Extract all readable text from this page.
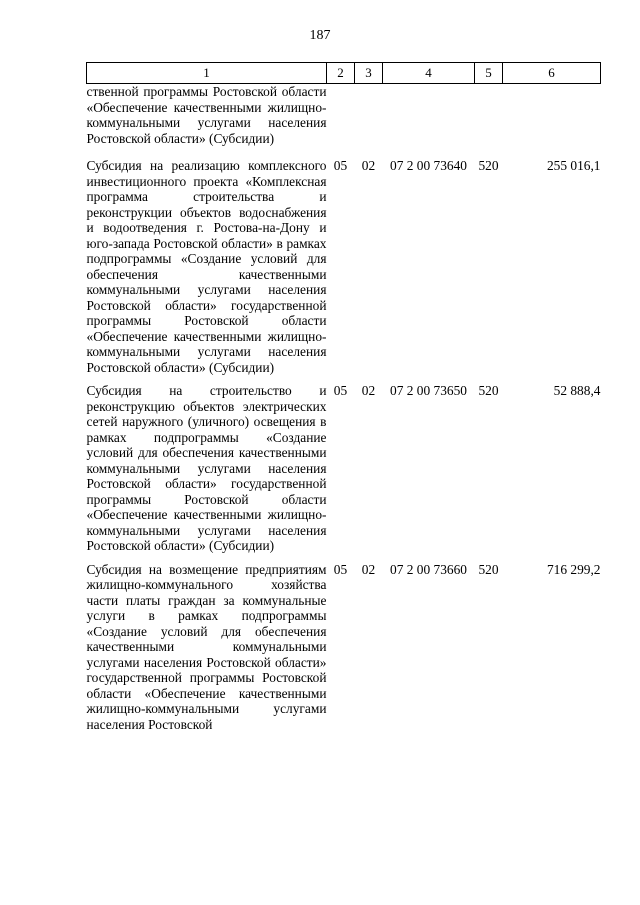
187
1	2	3	4	5	6
ственной программы Ростовской области «Обеспечение качественными жилищно-коммунальными услугами населения Ростовской области» (Субсидии)					
Субсидия на реализацию комплексного инвестиционного проекта «Комплексная программа строительства и реконструкции объектов водоснабжения и водоотведения г. Ростова-на-Дону и юго-запада Ростовской области» в рамках подпрограммы «Создание условий для обеспечения качественными коммунальными услугами населения Ростовской области» государственной программы Ростовской области «Обеспечение качественными жилищно-коммунальными услугами населения Ростовской области» (Субсидии)	05	02	07 2 00 73640	520	255 016,1
Субсидия на строительство и реконструкцию объектов электрических сетей наружного (уличного) освещения в рамках подпрограммы «Создание условий для обеспечения качественными коммунальными услугами населения Ростовской области» государственной программы Ростовской области «Обеспечение качественными жилищно-коммунальными услугами населения Ростовской области» (Субсидии)	05	02	07 2 00 73650	520	52 888,4
Субсидия на возмещение предприятиям жилищно-коммунального хозяйства части платы граждан за коммунальные услуги в рамках подпрограммы «Создание условий для обеспечения качественными коммунальными услугами населения Ростовской области» государственной программы Ростовской области «Обеспечение качественными жилищно-коммунальными услугами населения Ростовской	05	02	07 2 00 73660	520	716 299,2
